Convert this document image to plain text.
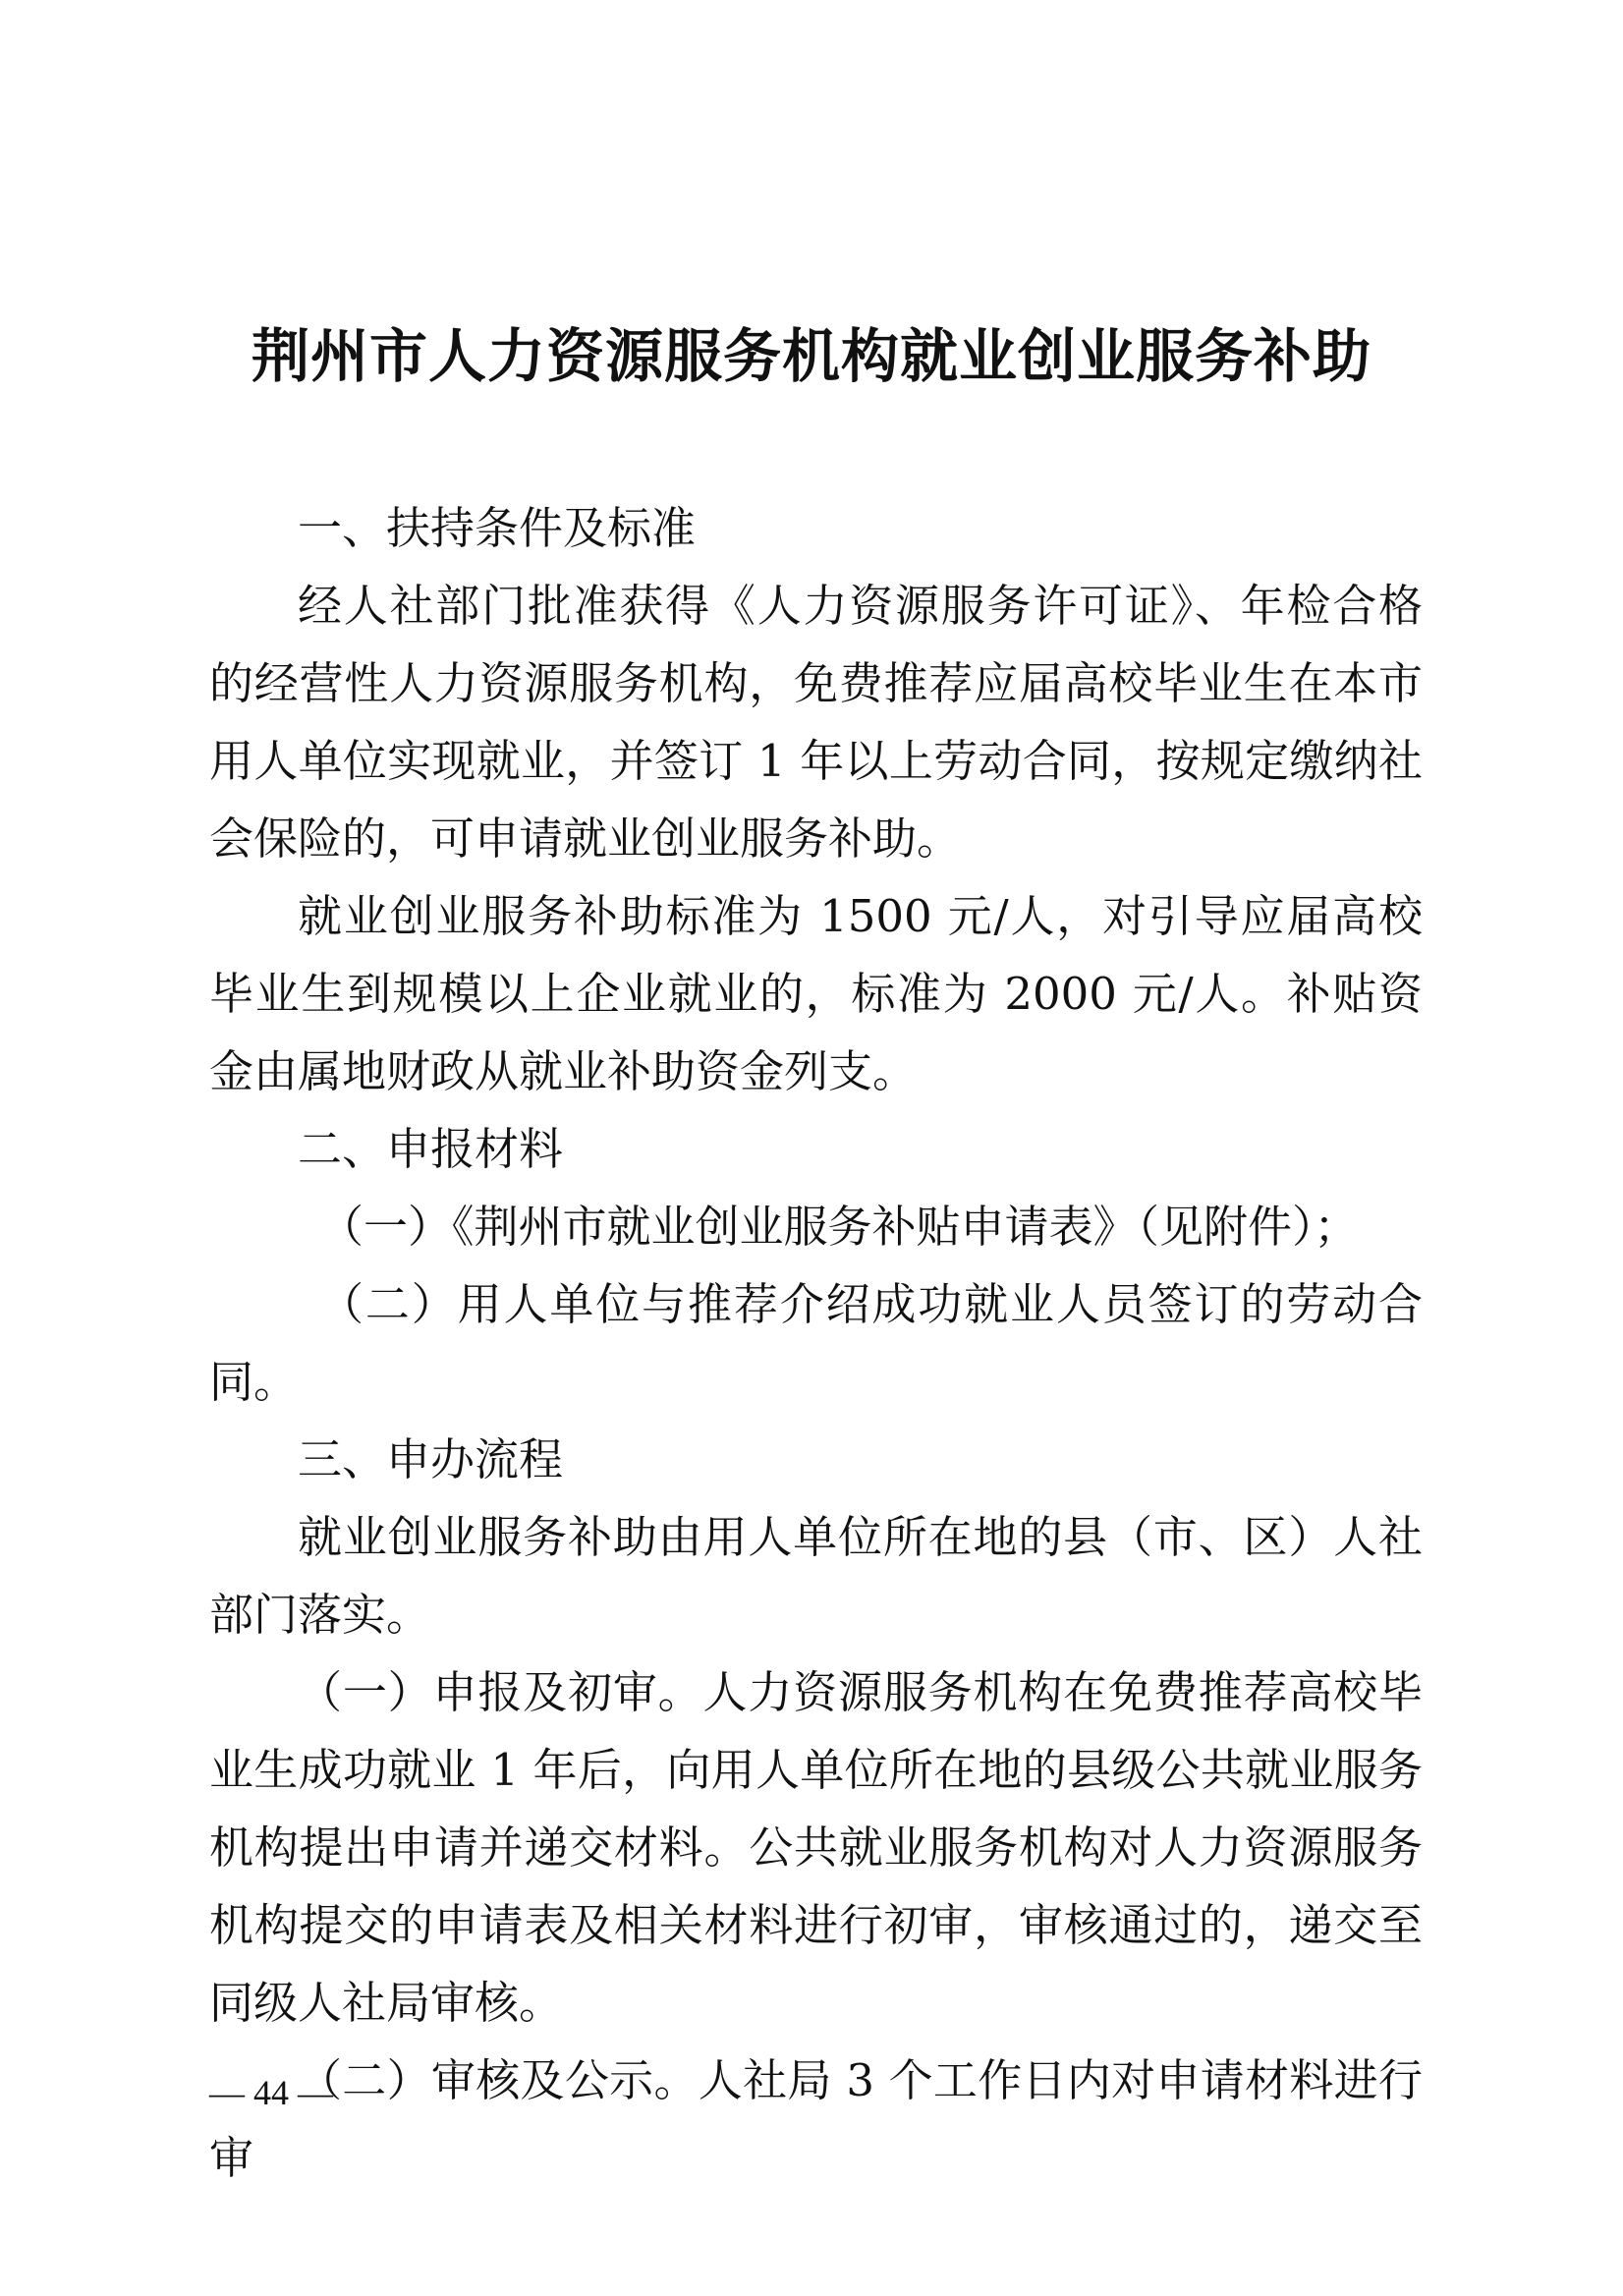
荆州市人力资源服务机构就业创业服务补助

一、扶持条件及标准

经人社部门批准获得《人力资源服务许可证》、年检合格的经营性人力资源服务机构，免费推荐应届高校毕业生在本市用人单位实现就业，并签订 1 年以上劳动合同，按规定缴纳社会保险的，可申请就业创业服务补助。

就业创业服务补助标准为 1500 元/人，对引导应届高校毕业生到规模以上企业就业的，标准为 2000 元/人。补贴资金由属地财政从就业补助资金列支。

二、申报材料

（一）《荆州市就业创业服务补贴申请表》（见附件）；

（二）用人单位与推荐介绍成功就业人员签订的劳动合同。

三、申办流程

就业创业服务补助由用人单位所在地的县（市、区）人社部门落实。

（一）申报及初审。人力资源服务机构在免费推荐高校毕业生成功就业 1 年后，向用人单位所在地的县级公共就业服务机构提出申请并递交材料。公共就业服务机构对人力资源服务机构提交的申请表及相关材料进行初审，审核通过的，递交至同级人社局审核。

（二）审核及公示。人社局 3 个工作日内对申请材料进行审

— 44 —
